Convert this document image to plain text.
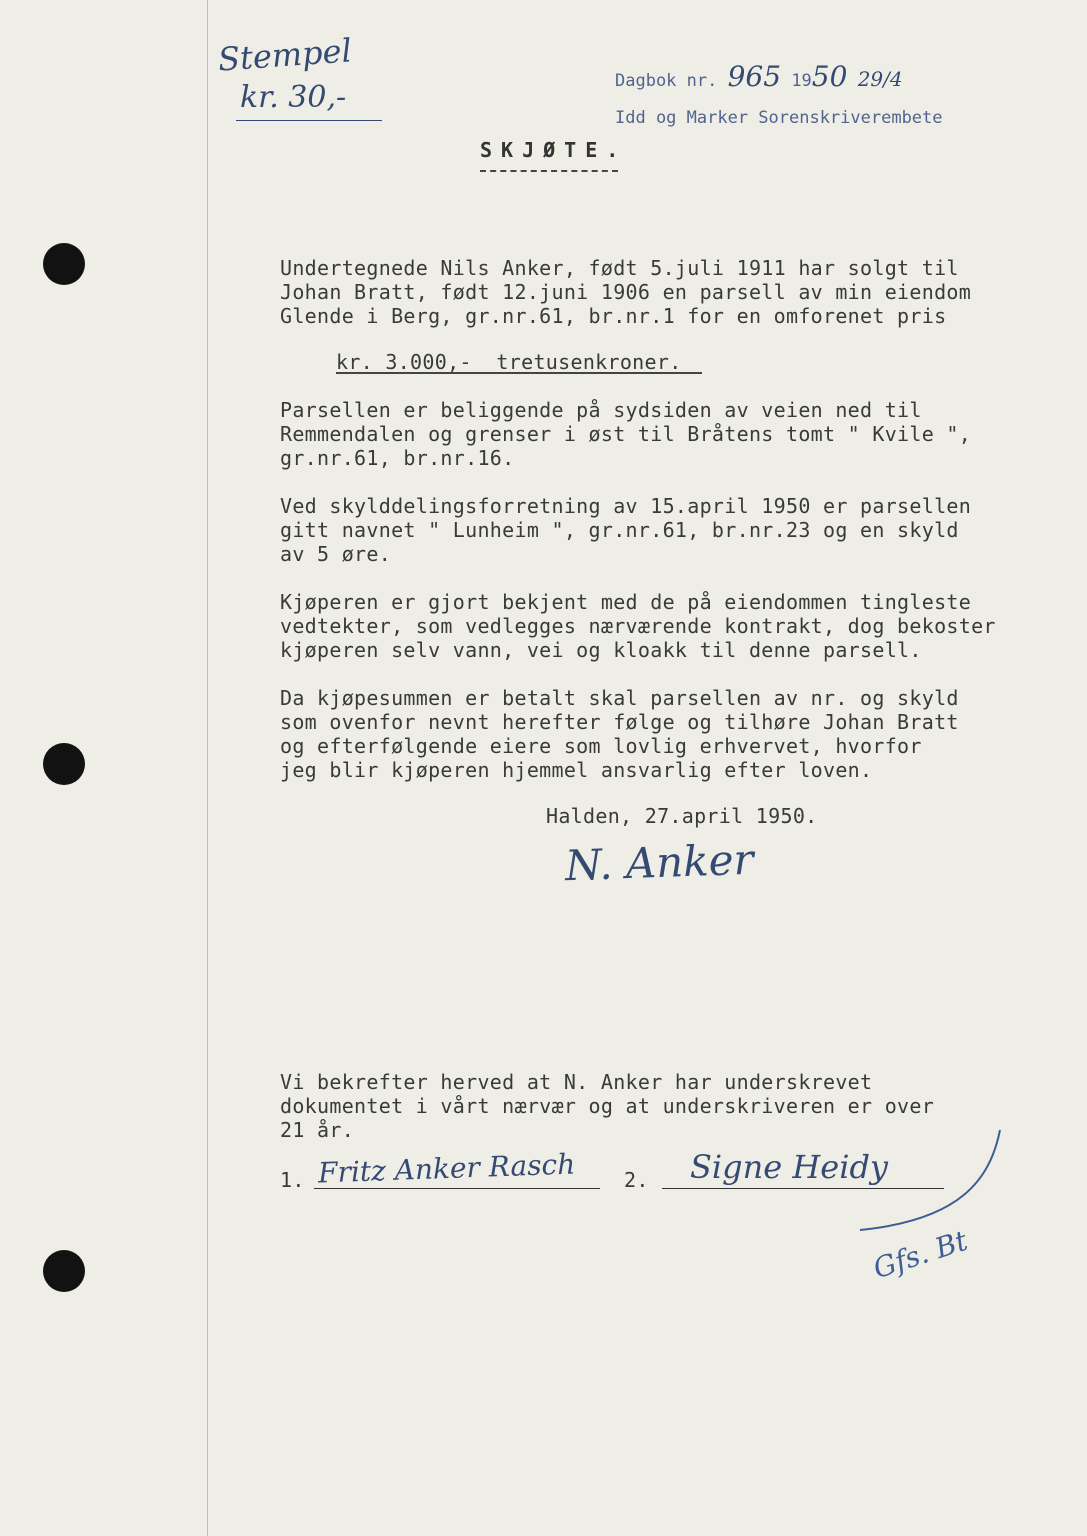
Stempel
kr. 30,-	Dagbok nr. 965 1950 29/4
Idd og Marker Sorenskriverembete
SKJØTE.
Undertegnede Nils Anker, født 5.juli 1911 har solgt til
Johan Bratt, født 12.juni 1906 en parsell av min eiendom
Glende i Berg, gr.nr.61, br.nr.1 for en omforenet pris
kr. 3.000,-  tretusenkroner.
Parsellen er beliggende på sydsiden av veien ned til
Remmendalen og grenser i øst til Bråtens tomt " Kvile ",
gr.nr.61, br.nr.16.
Ved skylddelingsforretning av 15.april 1950 er parsellen
gitt navnet " Lunheim ", gr.nr.61, br.nr.23 og en skyld
av 5 øre.
Kjøperen er gjort bekjent med de på eiendommen tingleste
vedtekter, som vedlegges nærværende kontrakt, dog bekoster
kjøperen selv vann, vei og kloakk til denne parsell.
Da kjøpesummen er betalt skal parsellen av nr. og skyld
som ovenfor nevnt herefter følge og tilhøre Johan Bratt
og efterfølgende eiere som lovlig erhvervet, hvorfor
jeg blir kjøperen hjemmel ansvarlig efter loven.
Halden, 27.april 1950.
N. Anker
Vi bekrefter herved at N. Anker har underskrevet
dokumentet i vårt nærvær og at underskriveren er over
21 år.
1. Fritz Anker Rasch 2. Signe Heidy
Gfs. Bt
